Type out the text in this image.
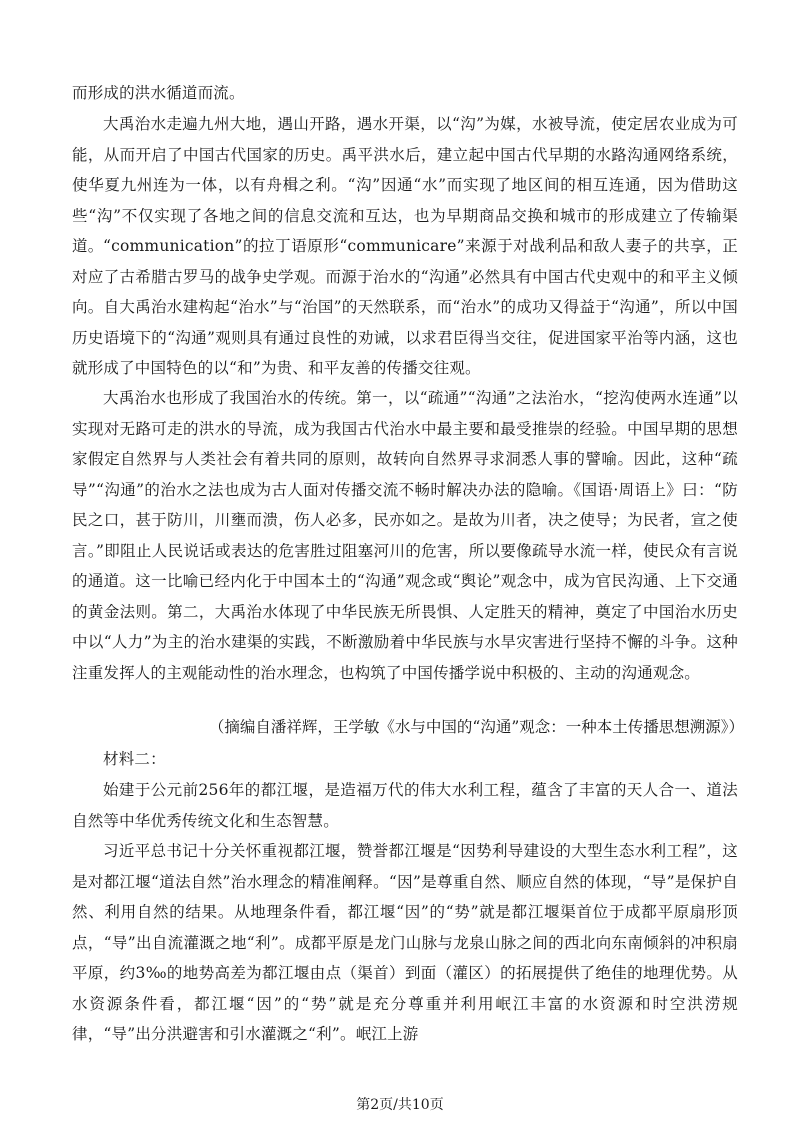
而形成的洪水循道而流。

大禹治水走遍九州大地，遇山开路，遇水开渠，以“沟”为媒，水被导流，使定居农业成为可能，从而开启了中国古代国家的历史。禹平洪水后，建立起中国古代早期的水路沟通网络系统，使华夏九州连为一体，以有舟楫之利。“沟”因通“水”而实现了地区间的相互连通，因为借助这些“沟”不仅实现了各地之间的信息交流和互达，也为早期商品交换和城市的形成建立了传输渠道。 “communication”的拉丁语原形“communicare”来源于对战利品和敌人妻子的共享，正对应了古希腊古罗马的战争史学观。而源于治水的“沟通”必然具有中国古代史观中的和平主义倾向。自大禹治水建构起“治水”与“治国”的天然联系，而“治水”的成功又得益于“沟通”，所以中国历史语境下的“沟通”观则具有通过良性的劝诫，以求君臣得当交往，促进国家平治等内涵，这也就形成了中国特色的以“和”为贵、和平友善的传播交往观。

大禹治水也形成了我国治水的传统。第一，以“疏通”“沟通”之法治水，“挖沟使两水连通”以实现对无路可走的洪水的导流，成为我国古代治水中最主要和最受推崇的经验。中国早期的思想家假定自然界与人类社会有着共同的原则，故转向自然界寻求洞悉人事的譬喻。因此，这种“疏导”“沟通”的治水之法也成为古人面对传播交流不畅时解决办法的隐喻。《国语·周语上》曰：“防民之口，甚于防川，川壅而溃，伤人必多，民亦如之。是故为川者，决之使导；为民者，宣之使言。”即阻止人民说话或表达的危害胜过阻塞河川的危害，所以要像疏导水流一样，使民众有言说的通道。这一比喻已经内化于中国本土的“沟通”观念或“舆论”观念中，成为官民沟通、上下交通的黄金法则。第二，大禹治水体现了中华民族无所畏惧、人定胜天的精神，奠定了中国治水历史中以“人力”为主的治水建渠的实践，不断激励着中华民族与水旱灾害进行坚持不懈的斗争。这种注重发挥人的主观能动性的治水理念，也构筑了中国传播学说中积极的、主动的沟通观念。

（摘编自潘祥辉，王学敏《水与中国的“沟通”观念：一种本土传播思想溯源》）

材料二：

始建于公元前256年的都江堰，是造福万代的伟大水利工程，蕴含了丰富的天人合一、道法自然等中华优秀传统文化和生态智慧。

习近平总书记十分关怀重视都江堰，赞誉都江堰是“因势利导建设的大型生态水利工程”，这是对都江堰“道法自然”治水理念的精准阐释。“因”是尊重自然、顺应自然的体现，“导”是保护自然、利用自然的结果。从地理条件看，都江堰“因”的“势”就是都江堰渠首位于成都平原扇形顶点，“导”出自流灌溉之地“利”。成都平原是龙门山脉与龙泉山脉之间的西北向东南倾斜的冲积扇平原，约3‰的地势高差为都江堰由点（渠首）到面（灌区）的拓展提供了绝佳的地理优势。从水资源条件看，都江堰“因”的“势”就是充分尊重并利用岷江丰富的水资源和时空洪涝规律，“导”出分洪避害和引水灌溉之“利”。岷江上游

第2页/共10页
